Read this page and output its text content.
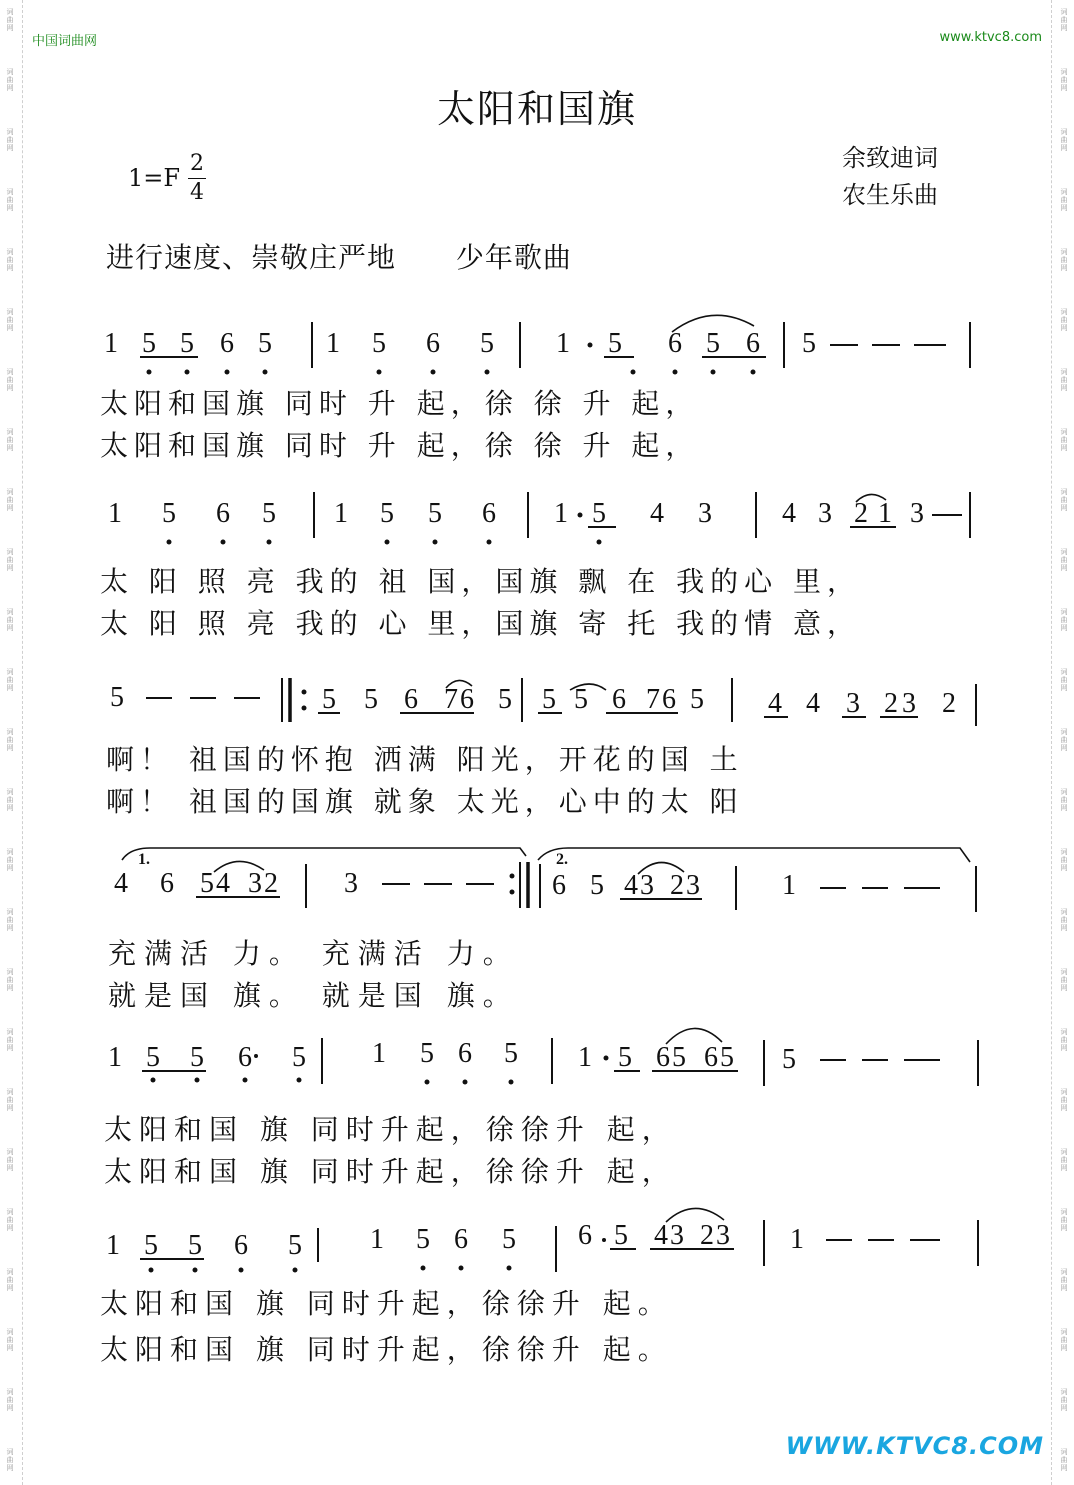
词
曲
网
词
曲
网
词
曲
网
词
曲
网
词
曲
网
词
曲
网
词
曲
网
词
曲
网
词
曲
网
词
曲
网
词
曲
网
词
曲
网
词
曲
网
词
曲
网
词
曲
网
词
曲
网
词
曲
网
词
曲
网
词
曲
网
词
曲
网
词
曲
网
词
曲
网
词
曲
网
词
曲
网
词
曲
网
词
曲
网
词
曲
网
词
曲
网
词
曲
网
词
曲
网
词
曲
网
词
曲
网
词
曲
网
词
曲
网
词
曲
网
词
曲
网
词
曲
网
词
曲
网
词
曲
网
词
曲
网
词
曲
网
词
曲
网
词
曲
网
词
曲
网
词
曲
网
词
曲
网
词
曲
网
词
曲
网
词
曲
网
词
曲
网
中国词曲网	www.ktvc8.com
太阳和国旗
$1=F \frac{2}{4}$	余致迪词
农生乐曲
进行速度、崇敬庄严地 少年歌曲
1 5 5 6 5 1 5 6 5 1 5 6 5 6 5
1 5 6 5 1 5 5 6 1 5 4 3	4 3 2 1 3
5	5 5 6 7 6 5 5 5 6 7 6 5 4 4 3 2 3 2
1.
4 6 5 4 3 2 3
2.
6 5 4 3 2 3	1
1 5 5 6 5 1 5 6 5 1 5 6 5 6 5 5
1 5 5 6 5 1 5 6 5 6 5 4 3 2 3 1
太阳和国旗 同时 升 起，徐 徐 升 起，
太阳和国旗 同时 升 起，徐 徐 升 起，
太 阳 照 亮 我的 祖 国，国旗 飘 在 我的心 里，
太 阳 照 亮 我的 心 里，国旗 寄 托 我的情 意，
啊！ 祖国的怀抱 洒满 阳光，开花的国 土
啊！ 祖国的国旗 就象 太光，心中的太 阳
充满活 力。 充满活 力。
就是国 旗。 就是国 旗。
太阳和国 旗 同时升起，徐徐升 起，
太阳和国 旗 同时升起，徐徐升 起，
太阳和国 旗 同时升起，徐徐升 起。
太阳和国 旗 同时升起，徐徐升 起。
WWW.KTVC8.COM
